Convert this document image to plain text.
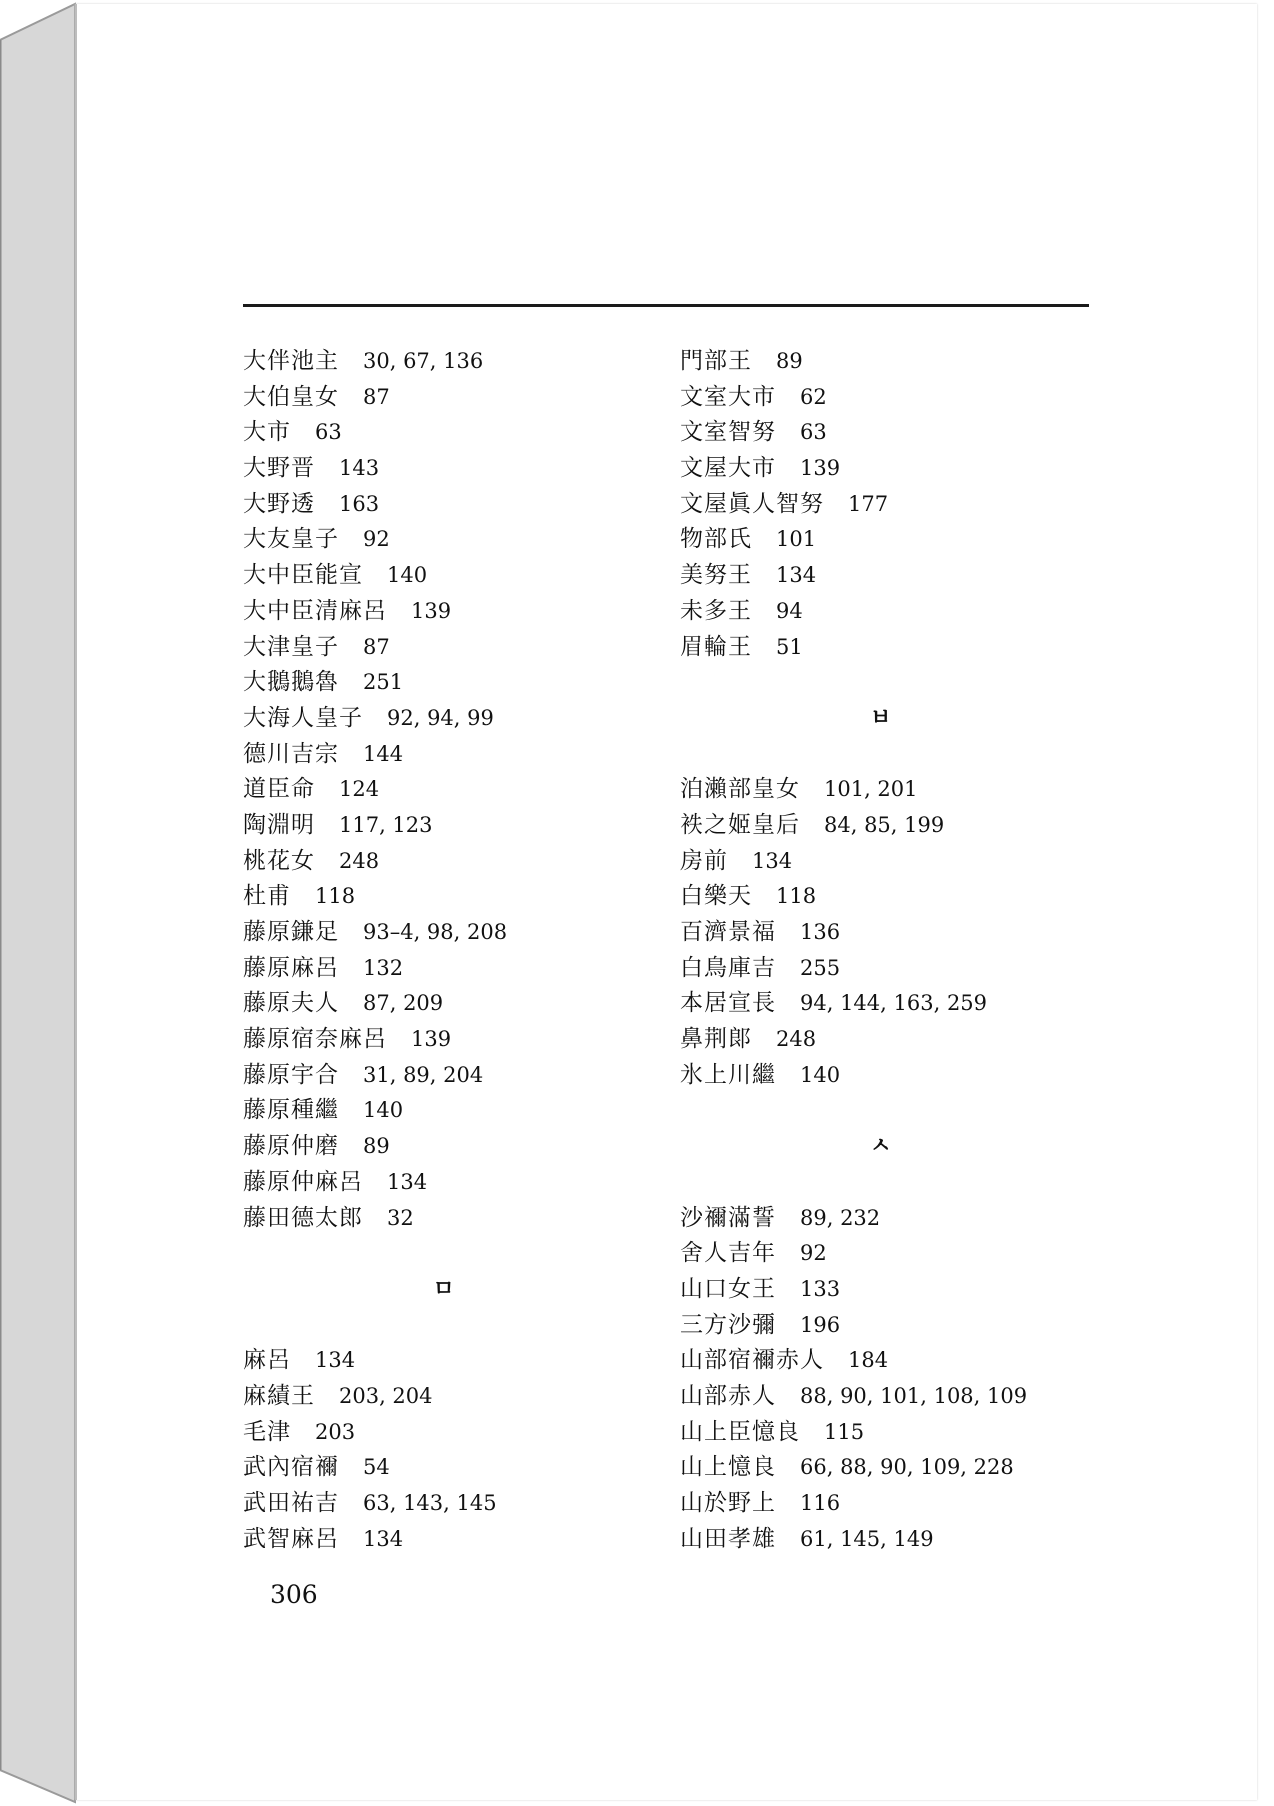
大伴池主 30, 67, 136
大伯皇女 87
大市 63
大野晋 143
大野透 163
大友皇子 92
大中臣能宣 140
大中臣清麻呂 139
大津皇子 87
大鵝鵝魯 251
大海人皇子 92, 94, 99
德川吉宗 144
道臣命 124
陶淵明 117, 123
桃花女 248
杜甫 118
藤原鎌足 93–4, 98, 208
藤原麻呂 132
藤原夫人 87, 209
藤原宿奈麻呂 139
藤原宇合 31, 89, 204
藤原種繼 140
藤原仲磨 89
藤原仲麻呂 134
藤田德太郎 32
ㅁ
麻呂 134
麻績王 203, 204
毛津 203
武內宿禰 54
武田祐吉 63, 143, 145
武智麻呂 134
門部王 89
文室大市 62
文室智努 63
文屋大市 139
文屋眞人智努 177
物部氏 101
美努王 134
未多王 94
眉輪王 51
ㅂ
泊瀨部皇女 101, 201
袟之姬皇后 84, 85, 199
房前 134
白樂天 118
百濟景福 136
白鳥庫吉 255
本居宣長 94, 144, 163, 259
鼻荆郞 248
氷上川繼 140
ㅅ
沙禰滿誓 89, 232
舍人吉年 92
山口女王 133
三方沙彌 196
山部宿禰赤人 184
山部赤人 88, 90, 101, 108, 109
山上臣憶良 115
山上憶良 66, 88, 90, 109, 228
山於野上 116
山田孝雄 61, 145, 149
306
